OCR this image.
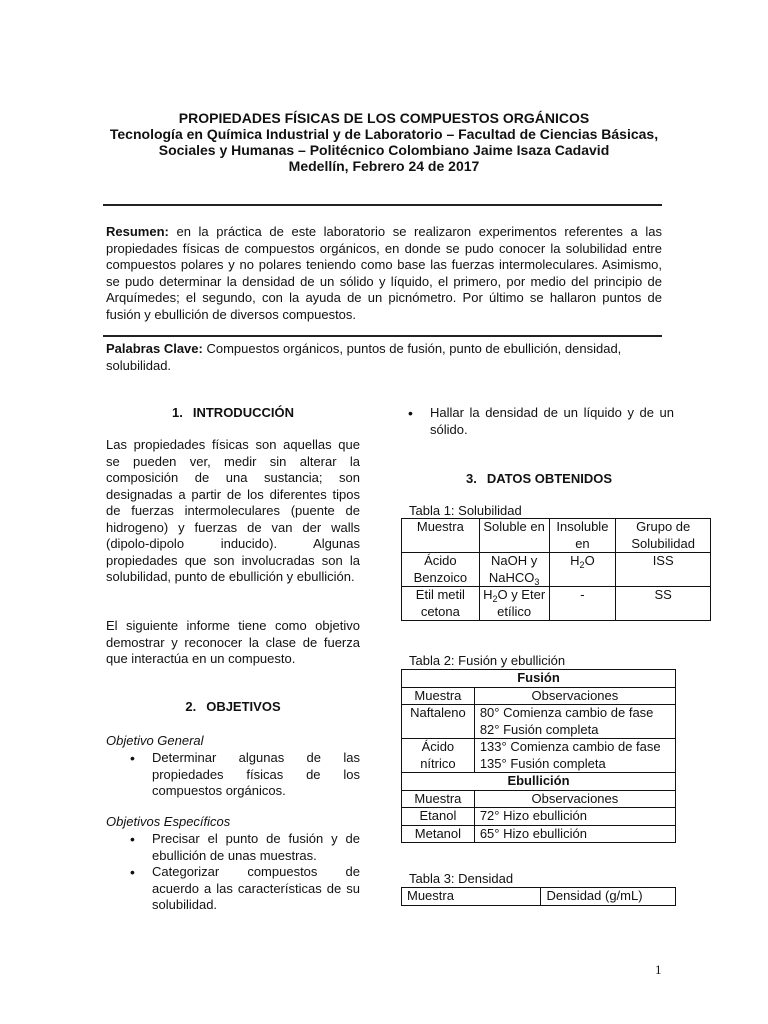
PROPIEDADES FÍSICAS DE LOS COMPUESTOS ORGÁNICOS
Tecnología en Química Industrial y de Laboratorio – Facultad de Ciencias Básicas,
Sociales y Humanas – Politécnico Colombiano Jaime Isaza Cadavid
Medellín, Febrero 24 de 2017
Resumen: en la práctica de este laboratorio se realizaron experimentos referentes a las propiedades físicas de compuestos orgánicos, en donde se pudo conocer la solubilidad entre compuestos polares y no polares teniendo como base las fuerzas intermoleculares. Asimismo, se pudo determinar la densidad de un sólido y líquido, el primero, por medio del principio de Arquímedes; el segundo, con la ayuda de un picnómetro. Por último se hallaron puntos de fusión y ebullición de diversos compuestos.
Palabras Clave: Compuestos orgánicos, puntos de fusión, punto de ebullición, densidad, solubilidad.
1. INTRODUCCIÓN
Las propiedades físicas son aquellas que se pueden ver, medir sin alterar la composición de una sustancia; son designadas a partir de los diferentes tipos de fuerzas intermoleculares (puente de hidrogeno) y fuerzas de van der walls (dipolo-dipolo inducido). Algunas propiedades que son involucradas son la solubilidad, punto de ebullición y ebullición.
El siguiente informe tiene como objetivo demostrar y reconocer la clase de fuerza que interactúa en un compuesto.
2. OBJETIVOS
Objetivo General
• Determinar algunas de las propiedades físicas de los compuestos orgánicos.
Objetivos Específicos
• Precisar el punto de fusión y de ebullición de unas muestras.
• Categorizar compuestos de acuerdo a las características de su solubilidad.
• Hallar la densidad de un líquido y de un sólido.
3. DATOS OBTENIDOS
Tabla 1: Solubilidad
Muestra	Soluble en	Insoluble en	Grupo de Solubilidad
Ácido Benzoico	NaOH y NaHCO$_3$	$H_2O$	ISS
Etil metil cetona	$H_2O$ y Eter etílico	-	SS
Tabla 2: Fusión y ebullición
Fusión	
Muestra	Observaciones
Naftaleno	80° Comienza cambio de fase
82° Fusión completa

Ácido nítrico	133° Comienza cambio de fase
135° Fusión completa

Ebullición	
Muestra	Observaciones
Etanol	72° Hizo ebullición
Metanol	65° Hizo ebullición
Tabla 3: Densidad
Muestra	Densidad (g/mL)
1
